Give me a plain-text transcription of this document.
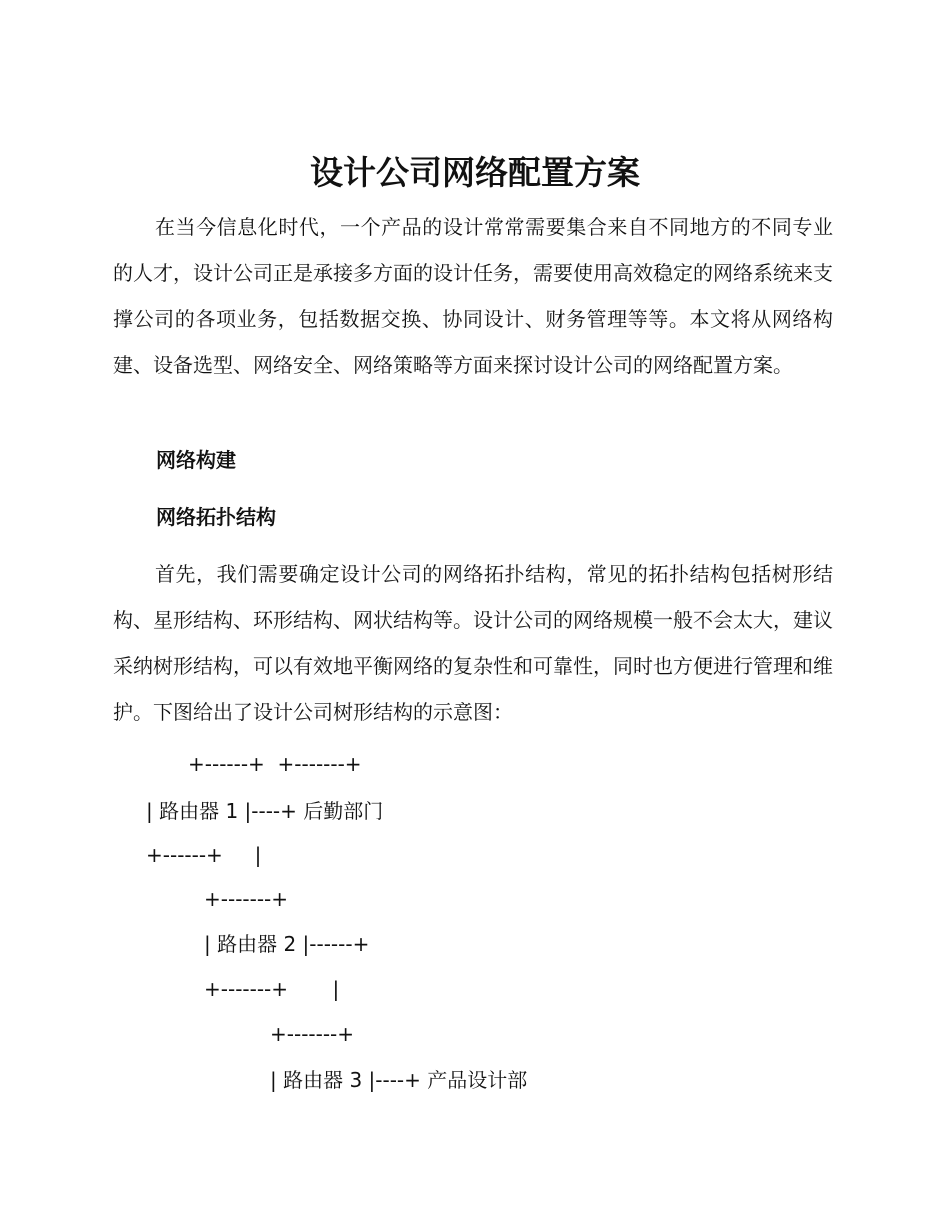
设计公司网络配置方案

在当今信息化时代，一个产品的设计常常需要集合来自不同地方的不同专业的人才，设计公司正是承接多方面的设计任务，需要使用高效稳定的网络系统来支撑公司的各项业务，包括数据交换、协同设计、财务管理等等。本文将从网络构建、设备选型、网络安全、网络策略等方面来探讨设计公司的网络配置方案。

网络构建
网络拓扑结构

首先，我们需要确定设计公司的网络拓扑结构，常见的拓扑结构包括树形结构、星形结构、环形结构、网状结构等。设计公司的网络规模一般不会太大，建议采纳树形结构，可以有效地平衡网络的复杂性和可靠性，同时也方便进行管理和维护。下图给出了设计公司树形结构的示意图：

+------+  +-------+
| 路由器 1 |----+ 后勤部门
+------+     |
+-------+
| 路由器 2 |------+
+-------+       |
+-------+
| 路由器 3 |----+ 产品设计部
